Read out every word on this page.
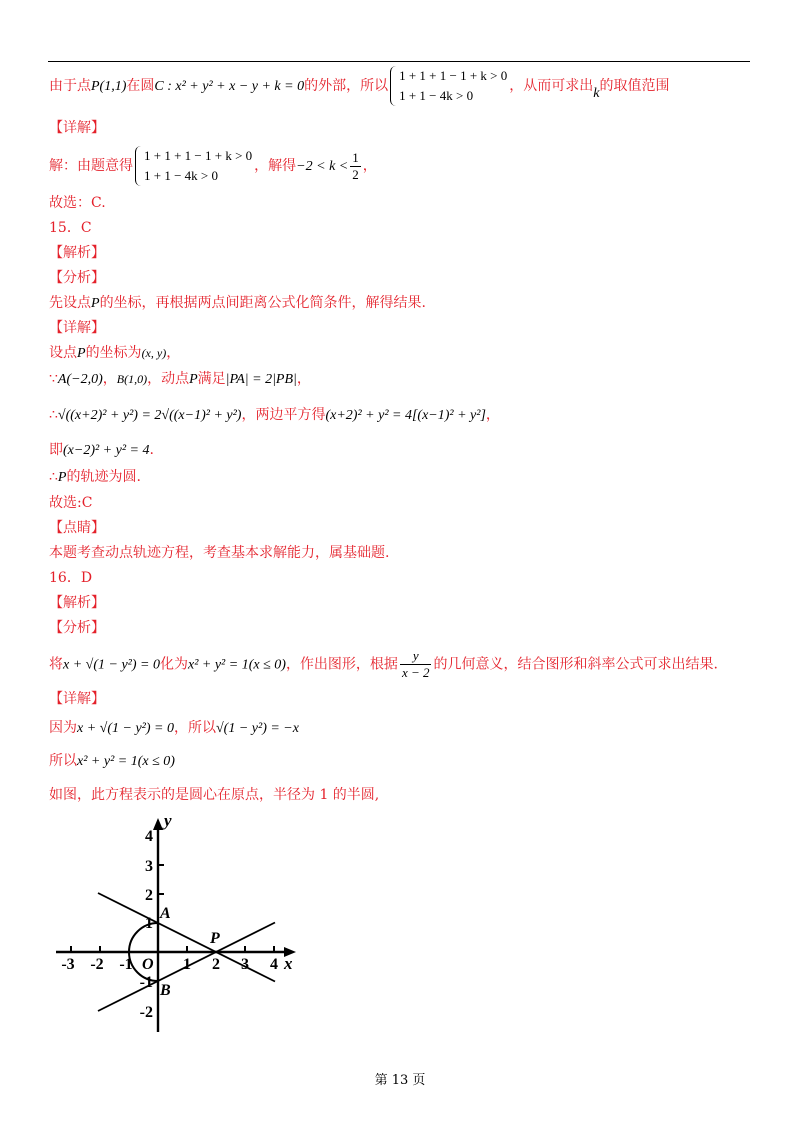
由于点P(1,1)在圆C : x² + y² + x − y + k = 0的外部，所以
1 + 1 + 1 − 1 + k > 0
1 + 1 − 4k > 0
，从而可求出k的取值范围
【详解】
解：由题意得
1 + 1 + 1 − 1 + k > 0
1 + 1 − 4k > 0
，解得$-2 < k < \frac{1}{2}$ ，
故选：C.
15．C
【解析】
【分析】
先设点P的坐标，再根据两点间距离公式化简条件，解得结果.
【详解】
设点P的坐标为(x, y)，
∵A(−2,0)，B(1,0)，动点P满足|PA| = 2|PB|，
∴√((x+2)² + y²) = 2√((x−1)² + y²)，两边平方得(x+2)² + y² = 4[(x−1)² + y²]，
即(x−2)² + y² = 4.
∴P的轨迹为圆.
故选:C
【点睛】
本题考查动点轨迹方程，考查基本求解能力，属基础题.
16．D
【解析】
【分析】
将x + √(1 − y²) = 0化为x² + y² = 1(x ≤ 0)，作出图形，根据 $\frac{y}{x - 2}$ 的几何意义，结合图形和斜率公式可求出结果.
【详解】
因为x + √(1 − y²) = 0，所以√(1 − y²) = −x
所以x² + y² = 1(x ≤ 0)
如图，此方程表示的是圆心在原点，半径为 1 的半圆,
y
x
4
3
2
1
-1
-2
-3 -2 -1	1 2 3 4
O
A
B
P
第 13 页
